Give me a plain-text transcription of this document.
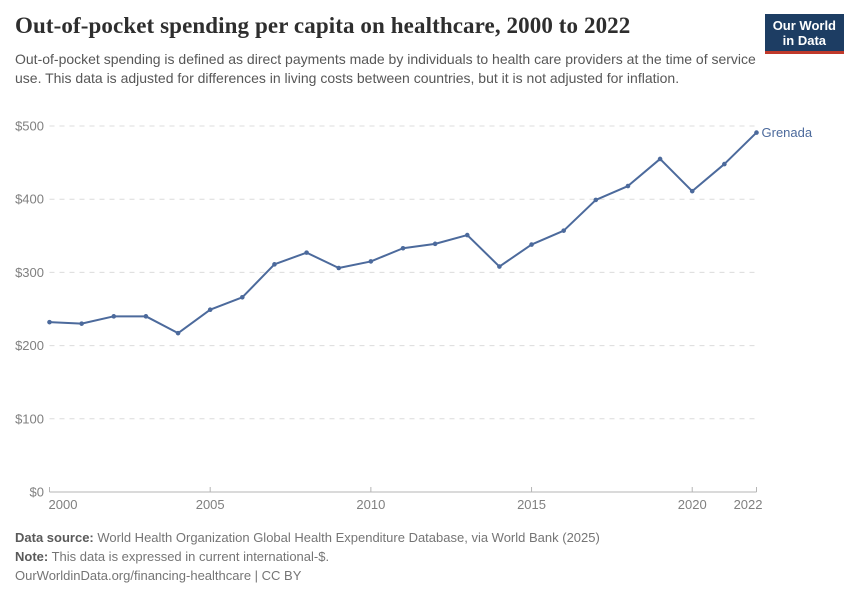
Out-of-pocket spending per capita on healthcare, 2000 to 2022

Out-of-pocket spending is defined as direct payments made by individuals to health care providers at the time of service use. This data is adjusted for differences in living costs between countries, but it is not adjusted for inflation.

Our World
in Data
$0
$100
$200
$300
$400
$500
2000	2005	2010	2015	2020 2022
Grenada

Data source: World Health Organization Global Health Expenditure Database, via World Bank (2025)

Note: This data is expressed in current international-$.

OurWorldinData.org/financing-healthcare | CC BY
